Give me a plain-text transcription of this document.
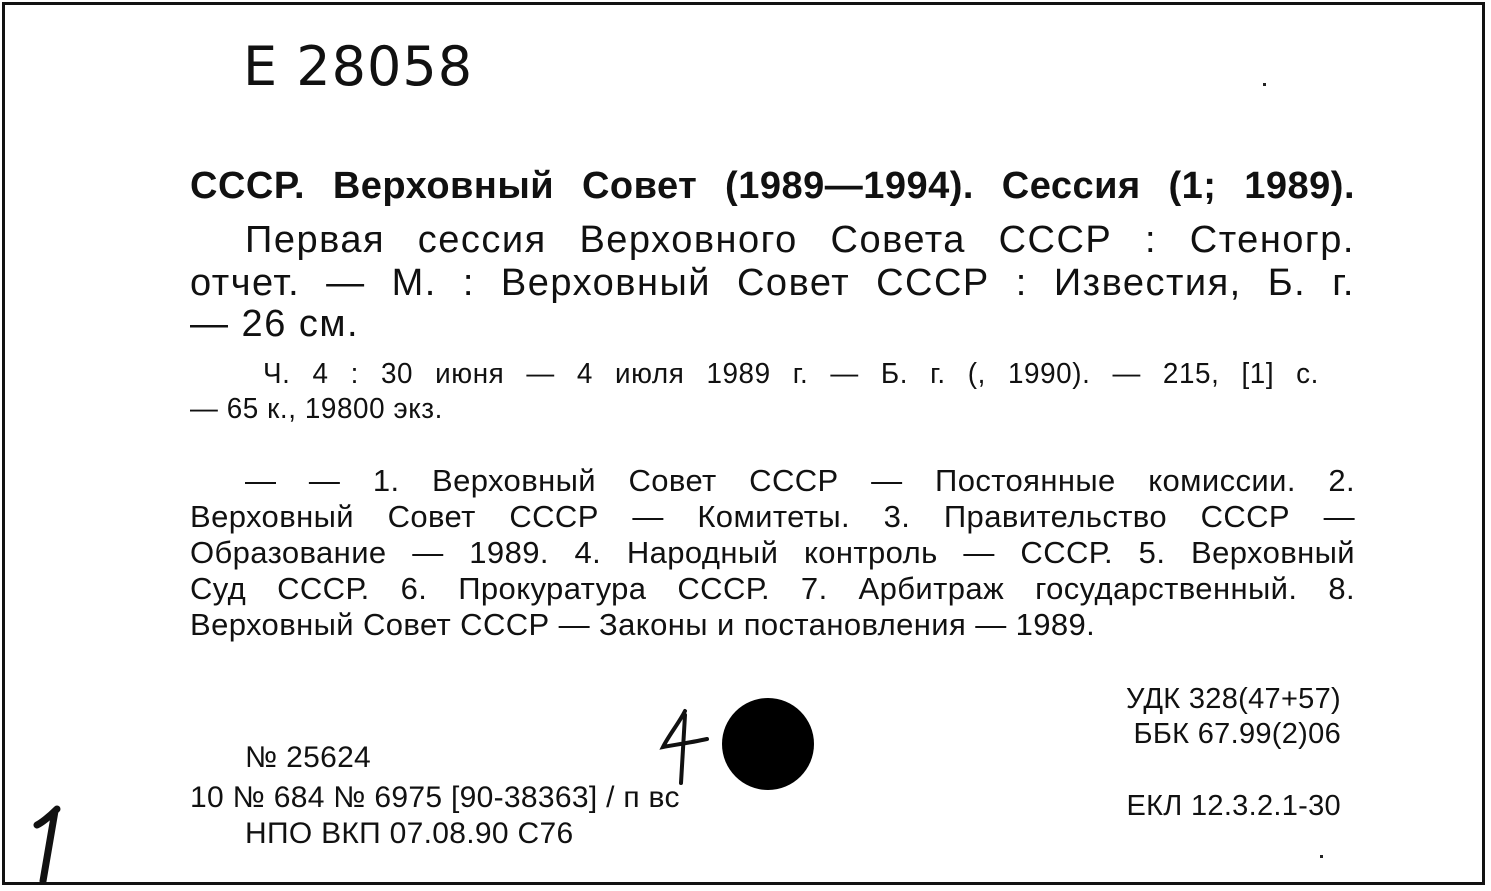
Е 28058
СССР. Верховный Совет (1989—1994). Сессия (1; 1989).
Первая сессия Верховного Совета СССР : Стеногр.
отчет. — М. : Верховный Совет СССР : Известия, Б. г.
— 26 см.
Ч. 4 : 30 июня — 4 июля 1989 г. — Б. г. (, 1990). — 215, [1] с.
— 65 к., 19800 экз.
— — 1. Верховный Совет СССР — Постоянные комиссии. 2.
Верховный Совет СССР — Комитеты. 3. Правительство СССР —
Образование — 1989. 4. Народный контроль — СССР. 5. Верховный
Суд СССР. 6. Прокуратура СССР. 7. Арбитраж государственный. 8.
Верховный Совет СССР — Законы и постановления — 1989.
УДК 328(47+57)
ББК 67.99(2)06
ЕКЛ 12.3.2.1-30
№ 25624
10 № 684 № 6975 [90-38363] / п вс
НПО ВКП 07.08.90 С76
